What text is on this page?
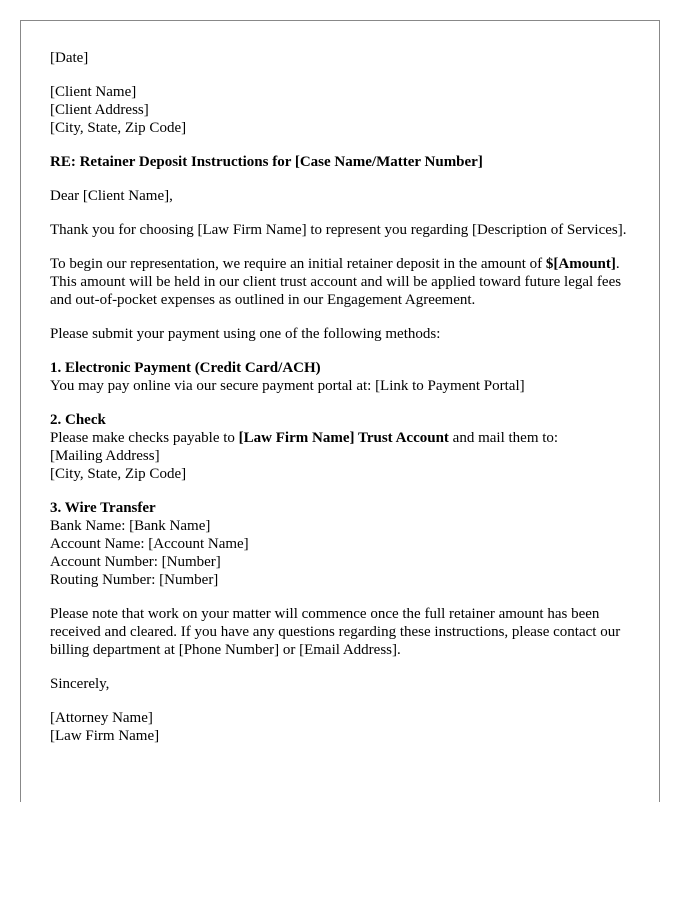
[Date]

[Client Name]
[Client Address]
[City, State, Zip Code]

RE: Retainer Deposit Instructions for [Case Name/Matter Number]

Dear [Client Name],

Thank you for choosing [Law Firm Name] to represent you regarding [Description of Services].

To begin our representation, we require an initial retainer deposit in the amount of $[Amount]. This amount will be held in our client trust account and will be applied toward future legal fees and out-of-pocket expenses as outlined in our Engagement Agreement.

Please submit your payment using one of the following methods:

1. Electronic Payment (Credit Card/ACH)
You may pay online via our secure payment portal at: [Link to Payment Portal]

2. Check
Please make checks payable to [Law Firm Name] Trust Account and mail them to:
[Mailing Address]
[City, State, Zip Code]

3. Wire Transfer
Bank Name: [Bank Name]
Account Name: [Account Name]
Account Number: [Number]
Routing Number: [Number]

Please note that work on your matter will commence once the full retainer amount has been received and cleared. If you have any questions regarding these instructions, please contact our billing department at [Phone Number] or [Email Address].

Sincerely,

[Attorney Name]
[Law Firm Name]
